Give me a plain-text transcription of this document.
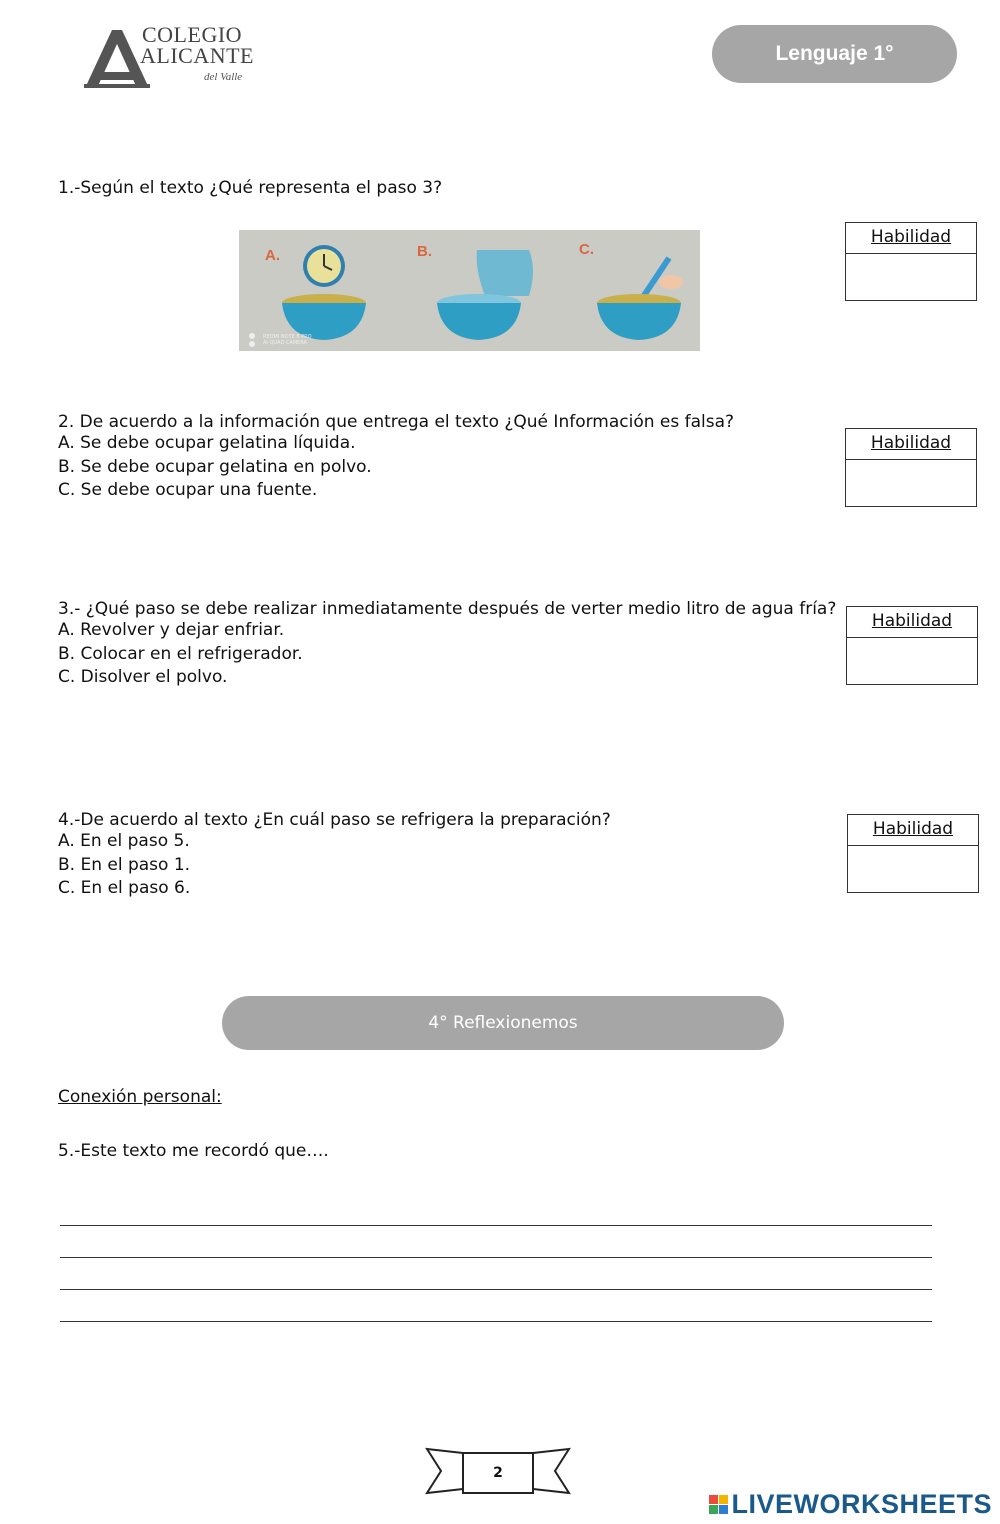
COLEGIO
ALICANTE
del Valle
Lenguaje 1°
1.-Según el texto ¿Qué representa el paso 3?
A.	B.	C.
REDMI NOTE 8 PRO
AI QUAD CAMERA
Habilidad
2. De acuerdo a la información que entrega el texto ¿Qué Información es falsa?
A. Se debe ocupar gelatina líquida.
B. Se debe ocupar gelatina en polvo.
C. Se debe ocupar una fuente.
Habilidad
3.- ¿Qué paso se debe realizar inmediatamente después de verter medio litro de agua fría?
A. Revolver y dejar enfriar.
B. Colocar en el refrigerador.
C. Disolver el polvo.
Habilidad
4.-De acuerdo al texto ¿En cuál paso se refrigera la preparación?
A. En el paso 5.
B. En el paso 1.
C. En el paso 6.
Habilidad
4° Reflexionemos
Conexión personal:
5.-Este texto me recordó que….
2
LIVEWORKSHEETS
